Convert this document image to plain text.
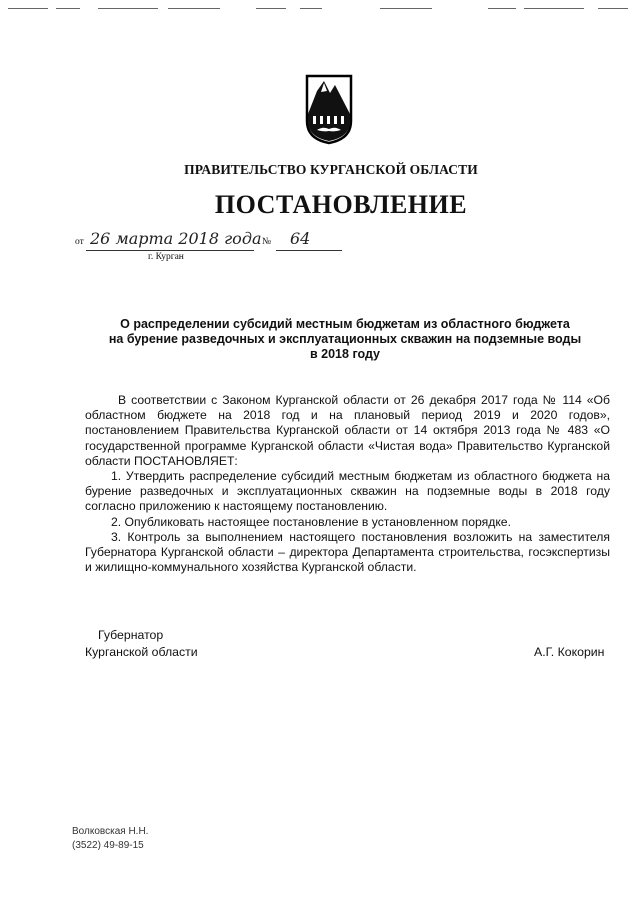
ПРАВИТЕЛЬСТВО КУРГАНСКОЙ ОБЛАСТИ
ПОСТАНОВЛЕНИЕ
от 26 марта 2018 года № 64
г. Курган
О распределении субсидий местным бюджетам из областного бюджета
на бурение разведочных и эксплуатационных скважин на подземные воды
в 2018 году

В соответствии с Законом Курганской области от 26 декабря 2017 года № 114 «Об областном бюджете на 2018 год и на плановый период 2019 и 2020 годов», постановлением Правительства Курганской области от 14 октября 2013 года № 483 «О государственной программе Курганской области «Чистая вода» Правительство Курганской области ПОСТАНОВЛЯЕТ:

1. Утвердить распределение субсидий местным бюджетам из областного бюджета на бурение разведочных и эксплуатационных скважин на подземные воды в 2018 году согласно приложению к настоящему постановлению.

2. Опубликовать настоящее постановление в установленном порядке.

3. Контроль за выполнением настоящего постановления возложить на заместителя Губернатора Курганской области – директора Департамента строительства, госэкспертизы и жилищно-коммунального хозяйства Курганской области.

Губернатор
Курганской области	А.Г. Кокорин
Волковская Н.Н.
(3522) 49-89-15
